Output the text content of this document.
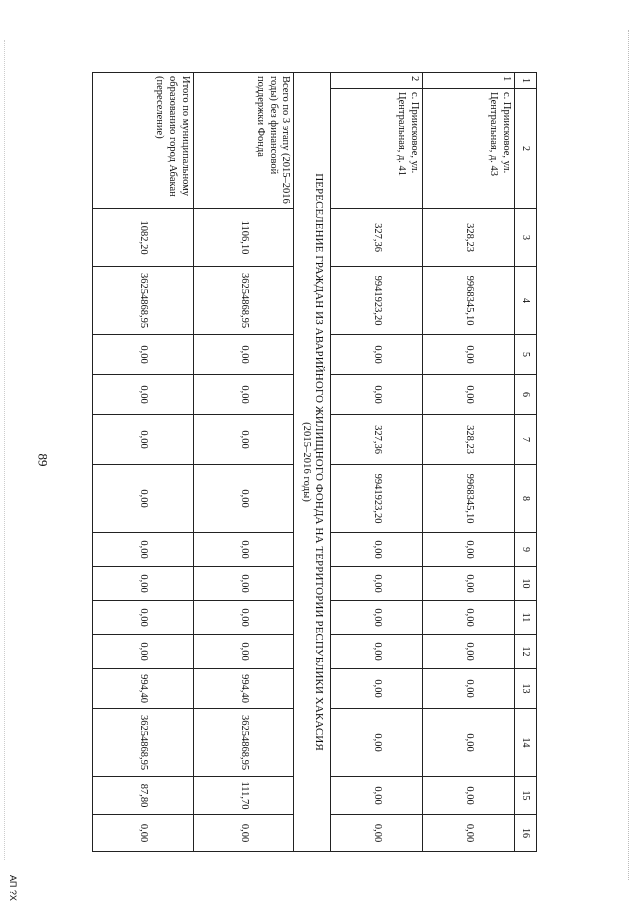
89
АП ?Х
1	2	3	4	5	6	7	8	9	10	11	12	13	14	15	16
1	с. Приисковое, ул. Центральная, д. 43	328,23	9968345,10	0,00	0,00	328,23	9968345,10	0,00	0,00	0,00	0,00	0,00	0,00	0,00	0,00
2	с. Приисковое, ул. Центральная, д. 41	327,36	9941923,20	0,00	0,00	327,36	9941923,20	0,00	0,00	0,00	0,00	0,00	0,00	0,00	0,00
ПЕРЕСЕЛЕНИЕ ГРАЖДАН ИЗ АВАРИЙНОГО ЖИЛИЩНОГО ФОНДА НА ТЕРРИТОРИИ РЕСПУБЛИКИ ХАКАСИЯ
(2015–2016 годы)															

Всего по 3 этапу (2015–2016 годы) без финансовой поддержки Фонда		1106,10	36254868,95	0,00	0,00	0,00	0,00	0,00	0,00	0,00	0,00	994,40	36254868,95	111,70	0,00
Итого по муниципальному образованию город Абакан (переселение)		1082,20	36254868,95	0,00	0,00	0,00	0,00	0,00	0,00	0,00	0,00	994,40	36254868,95	87,80	0,00
